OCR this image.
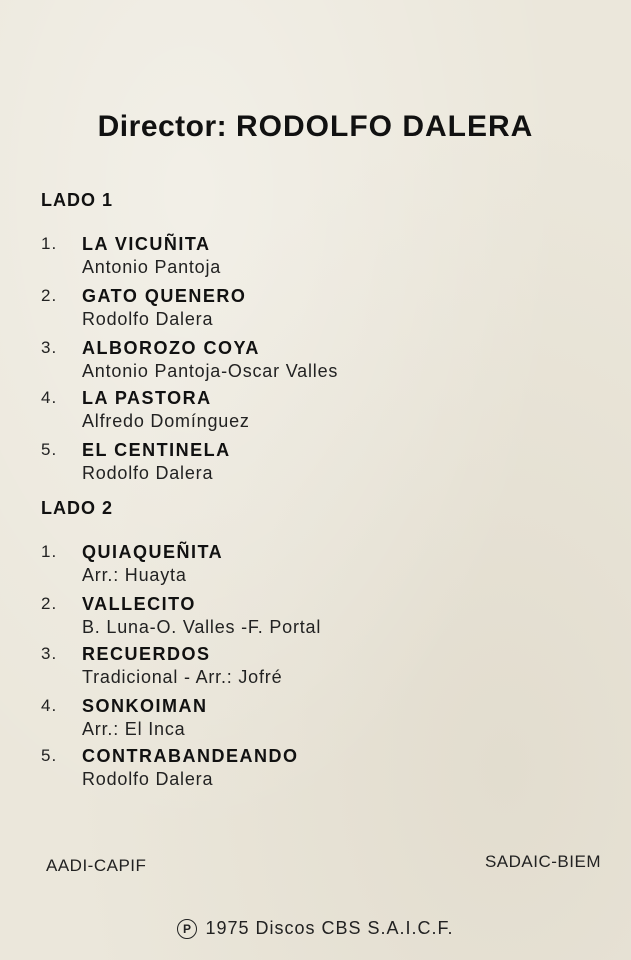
Director: RODOLFO DALERA
LADO 1
1. LA VICUÑITA
Antonio Pantoja
2. GATO QUENERO
Rodolfo Dalera
3. ALBOROZO COYA
Antonio Pantoja-Oscar Valles
4. LA PASTORA
Alfredo Domínguez
5. EL CENTINELA
Rodolfo Dalera
LADO 2
1. QUIAQUEÑITA
Arr.: Huayta
2. VALLECITO
B. Luna-O. Valles -F. Portal
3. RECUERDOS
Tradicional - Arr.: Jofré
4. SONKOIMAN
Arr.: El Inca
5. CONTRABANDEANDO
Rodolfo Dalera
AADI-CAPIF	SADAIC-BIEM
P 1975 Discos CBS S.A.I.C.F.
